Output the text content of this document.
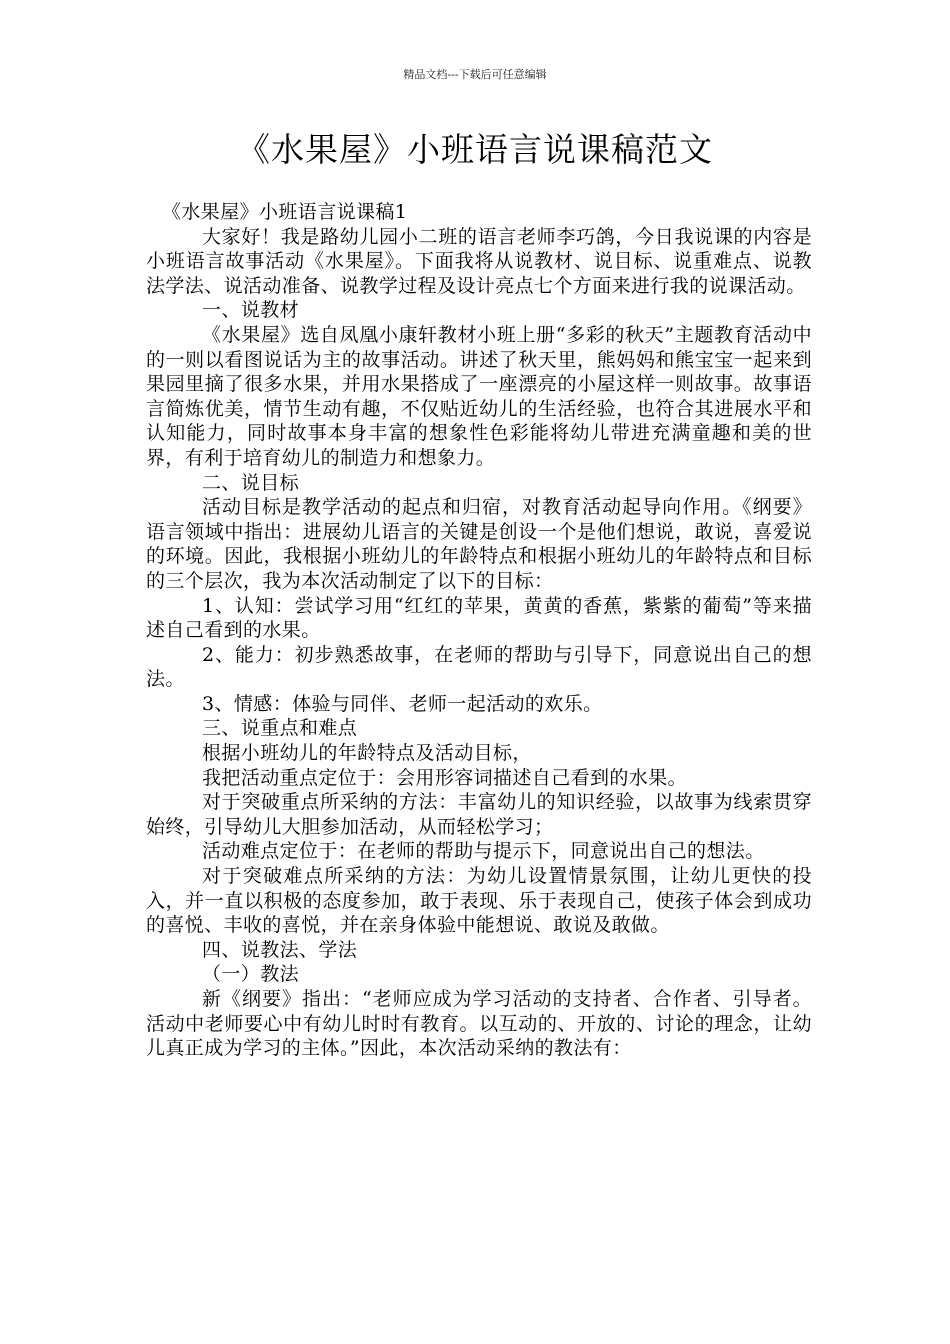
精品文档---下载后可任意编辑
《水果屋》小班语言说课稿范文

《水果屋》小班语言说课稿1

大家好！我是路幼儿园小二班的语言老师李巧鸽，今日我说课的内容是小班语言故事活动《水果屋》。下面我将从说教材、说目标、说重难点、说教法学法、说活动准备、说教学过程及设计亮点七个方面来进行我的说课活动。

一、说教材

《水果屋》选自凤凰小康轩教材小班上册“多彩的秋天”主题教育活动中的一则以看图说话为主的故事活动。讲述了秋天里，熊妈妈和熊宝宝一起来到果园里摘了很多水果，并用水果搭成了一座漂亮的小屋这样一则故事。故事语言简炼优美，情节生动有趣，不仅贴近幼儿的生活经验，也符合其进展水平和认知能力，同时故事本身丰富的想象性色彩能将幼儿带进充满童趣和美的世界，有利于培育幼儿的制造力和想象力。

二、说目标

活动目标是教学活动的起点和归宿，对教育活动起导向作用。《纲要》语言领域中指出：进展幼儿语言的关键是创设一个是他们想说，敢说，喜爱说的环境。因此，我根据小班幼儿的年龄特点和根据小班幼儿的年龄特点和目标的三个层次，我为本次活动制定了以下的目标：

1、认知：尝试学习用“红红的苹果，黄黄的香蕉，紫紫的葡萄”等来描述自己看到的水果。

2、能力：初步熟悉故事，在老师的帮助与引导下，同意说出自己的想法。

3、情感：体验与同伴、老师一起活动的欢乐。

三、说重点和难点

根据小班幼儿的年龄特点及活动目标，

我把活动重点定位于：会用形容词描述自己看到的水果。

对于突破重点所采纳的方法：丰富幼儿的知识经验，以故事为线索贯穿始终，引导幼儿大胆参加活动，从而轻松学习；

活动难点定位于：在老师的帮助与提示下，同意说出自己的想法。

对于突破难点所采纳的方法：为幼儿设置情景氛围，让幼儿更快的投入，并一直以积极的态度参加，敢于表现、乐于表现自己，使孩子体会到成功的喜悦、丰收的喜悦，并在亲身体验中能想说、敢说及敢做。

四、说教法、学法

（一）教法

新《纲要》指出：“老师应成为学习活动的支持者、合作者、引导者。活动中老师要心中有幼儿时时有教育。以互动的、开放的、讨论的理念，让幼儿真正成为学习的主体。”因此，本次活动采纳的教法有：
